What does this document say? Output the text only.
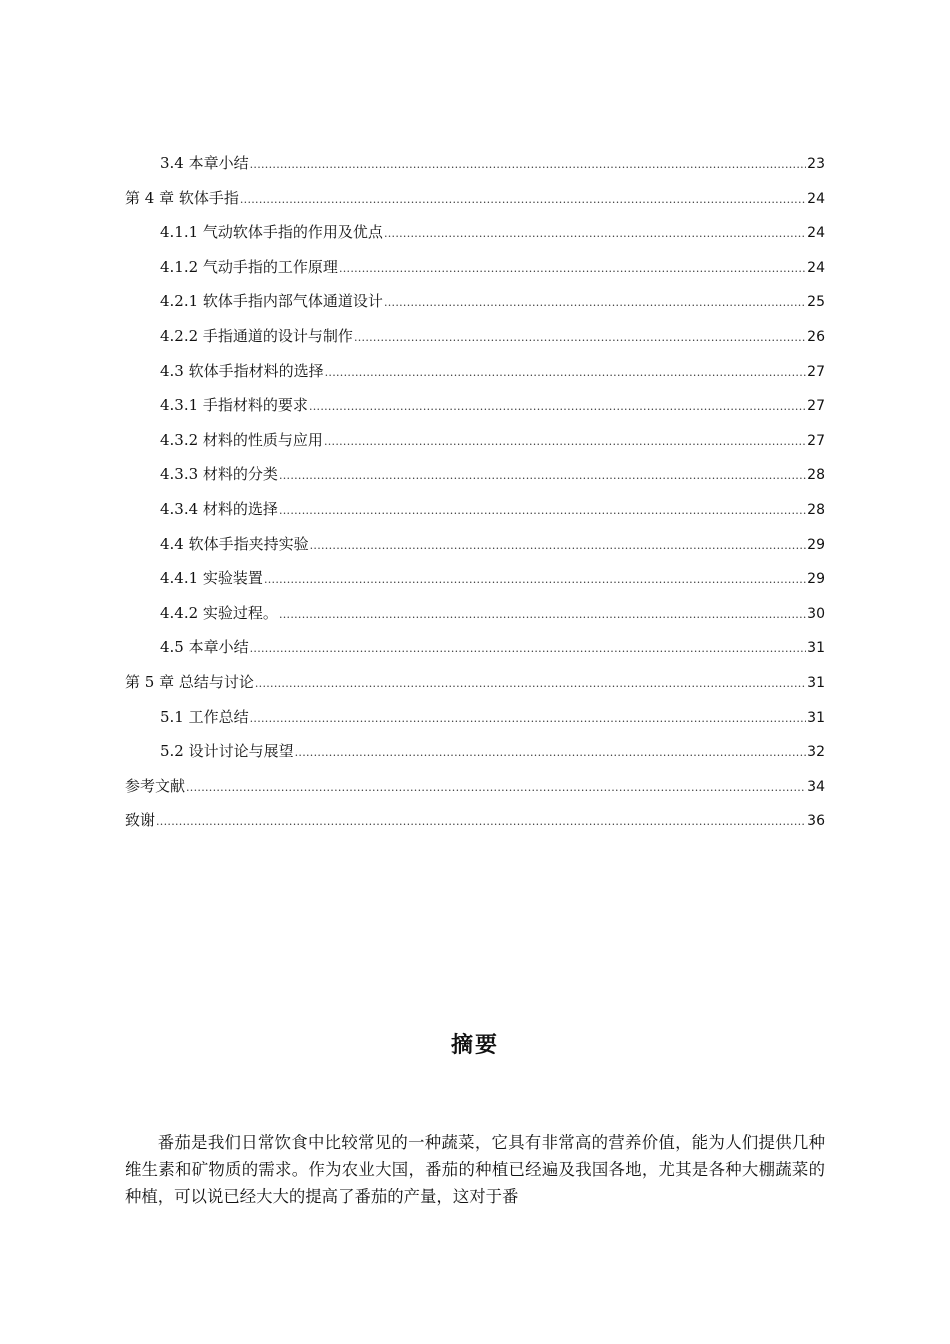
3.4 本章小结 .....	23
第 4 章 软体手指 .....	24
4.1.1 气动软体手指的作用及优点 .....	24
4.1.2 气动手指的工作原理 .....	24
4.2.1 软体手指内部气体通道设计 .....	25
4.2.2 手指通道的设计与制作 .....	26
4.3 软体手指材料的选择 .....	27
4.3.1 手指材料的要求 .....	27
4.3.2 材料的性质与应用 .....	27
4.3.3 材料的分类 .....	28
4.3.4 材料的选择 .....	28
4.4 软体手指夹持实验 .....	29
4.4.1 实验装置 .....	29
4.4.2 实验过程。 .....	30
4.5 本章小结 .....	31
第 5 章 总结与讨论 .....	31
5.1 工作总结 .....	31
5.2 设计讨论与展望 .....	32
参考文献 .....	34
致谢 .....	36
摘要

番茄是我们日常饮食中比较常见的一种蔬菜，它具有非常高的营养价值，能为人们提供几种维生素和矿物质的需求。作为农业大国，番茄的种植已经遍及我国各地，尤其是各种大棚蔬菜的种植，可以说已经大大的提高了番茄的产量，这对于番
